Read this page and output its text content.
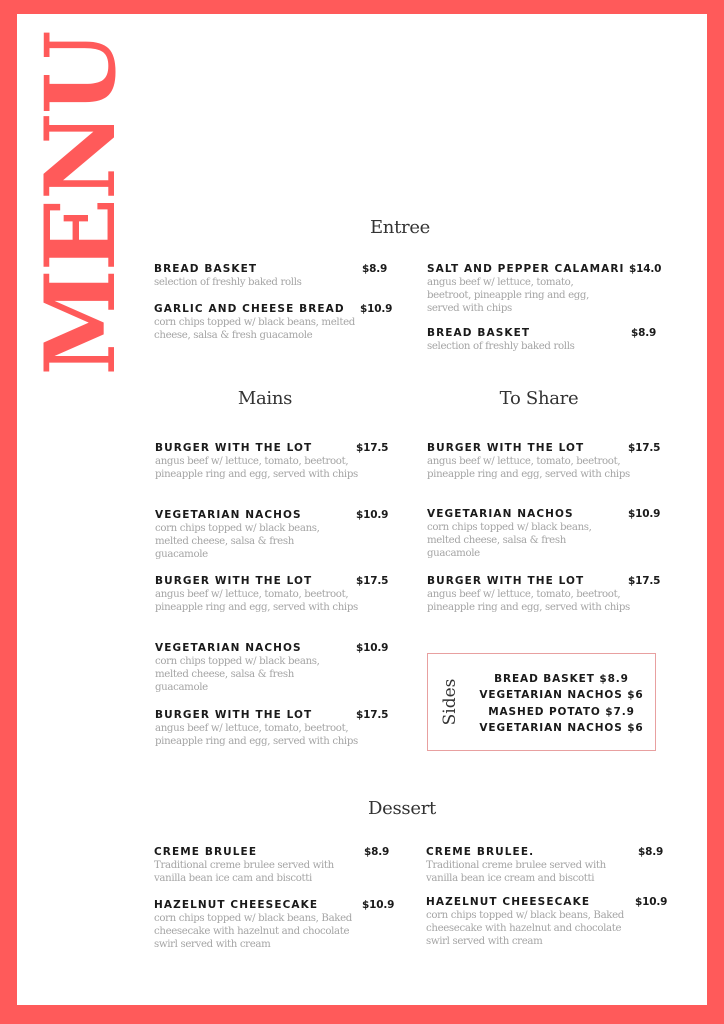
MENU	Entree
BREAD BASKET	$8.9
selection of freshly baked rolls
GARLIC AND CHEESE BREAD	$10.9
corn chips topped w/ black beans, melted cheese, salsa & fresh guacamole
SALT AND PEPPER CALAMARI $14.0
angus beef w/ lettuce, tomato, beetroot, pineapple ring and egg, served with chips
BREAD BASKET	$8.9
selection of freshly baked rolls
Mains
BURGER WITH THE LOT	$17.5
angus beef w/ lettuce, tomato, beetroot, pineapple ring and egg, served with chips
VEGETARIAN NACHOS	$10.9
corn chips topped w/ black beans, melted cheese, salsa & fresh guacamole
BURGER WITH THE LOT	$17.5
angus beef w/ lettuce, tomato, beetroot, pineapple ring and egg, served with chips
VEGETARIAN NACHOS	$10.9
corn chips topped w/ black beans, melted cheese, salsa & fresh guacamole
BURGER WITH THE LOT	$17.5
angus beef w/ lettuce, tomato, beetroot, pineapple ring and egg, served with chips
To Share
BURGER WITH THE LOT	$17.5
angus beef w/ lettuce, tomato, beetroot, pineapple ring and egg, served with chips
VEGETARIAN NACHOS	$10.9
corn chips topped w/ black beans, melted cheese, salsa & fresh guacamole
BURGER WITH THE LOT	$17.5
angus beef w/ lettuce, tomato, beetroot, pineapple ring and egg, served with chips
Sides	BREAD BASKET $8.9
VEGETARIAN NACHOS $6
MASHED POTATO $7.9
VEGETARIAN NACHOS $6
Dessert
CREME BRULEE	$8.9
Traditional creme brulee served with vanilla bean ice cam and biscotti
HAZELNUT CHEESECAKE	$10.9
corn chips topped w/ black beans, Baked cheesecake with hazelnut and chocolate swirl served with cream
CREME BRULEE.	$8.9
Traditional creme brulee served with vanilla bean ice cream and biscotti
HAZELNUT CHEESECAKE	$10.9
corn chips topped w/ black beans, Baked cheesecake with hazelnut and chocolate swirl served with cream
